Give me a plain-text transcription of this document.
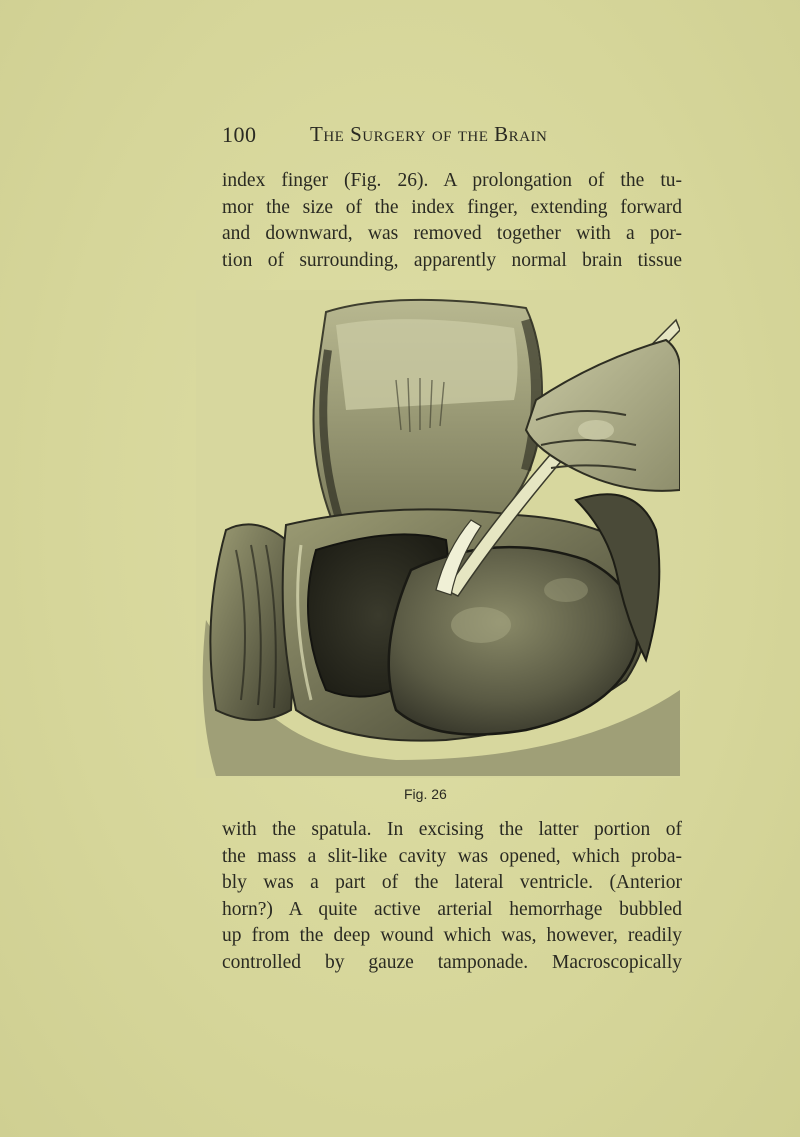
100	The Surgery of the Brain
index finger (Fig. 26). A prolongation of the tu-
mor the size of the index finger, extending forward
and downward, was removed together with a por-
tion of surrounding, apparently normal brain tissue
Fig. 26
with the spatula. In excising the latter portion of
the mass a slit-like cavity was opened, which proba-
bly was a part of the lateral ventricle. (Anterior
horn?) A quite active arterial hemorrhage bubbled
up from the deep wound which was, however, readily
controlled by gauze tamponade. Macroscopically
